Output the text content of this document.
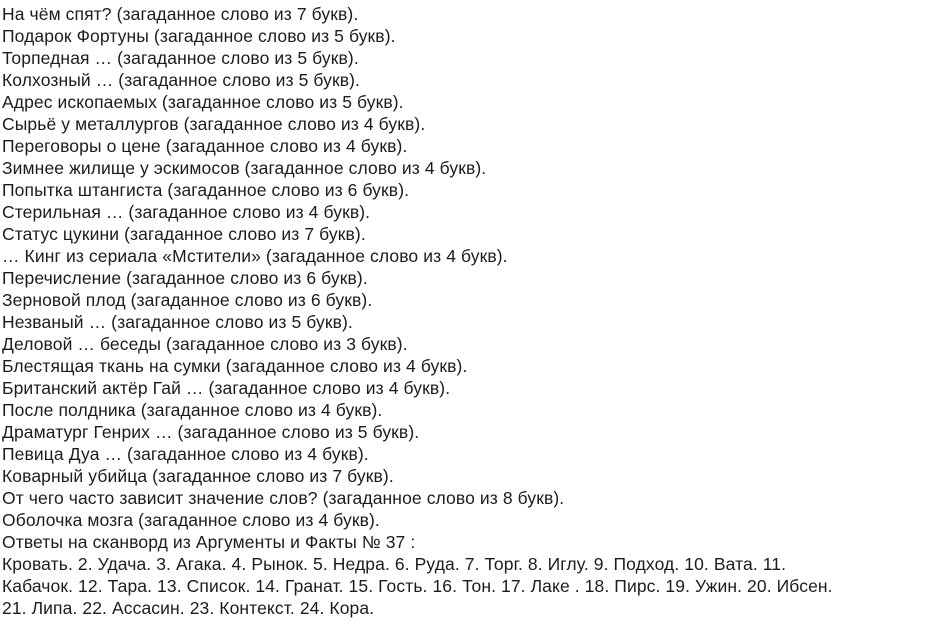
На чём спят? (загаданное слово из 7 букв).
Подарок Фортуны (загаданное слово из 5 букв).
Торпедная … (загаданное слово из 5 букв).
Колхозный … (загаданное слово из 5 букв).
Адрес ископаемых (загаданное слово из 5 букв).
Сырьё у металлургов (загаданное слово из 4 букв).
Переговоры о цене (загаданное слово из 4 букв).
Зимнее жилище у эскимосов (загаданное слово из 4 букв).
Попытка штангиста (загаданное слово из 6 букв).
Стерильная … (загаданное слово из 4 букв).
Статус цукини (загаданное слово из 7 букв).
… Кинг из сериала «Мстители» (загаданное слово из 4 букв).
Перечисление (загаданное слово из 6 букв).
Зерновой плод (загаданное слово из 6 букв).
Незваный … (загаданное слово из 5 букв).
Деловой … беседы (загаданное слово из 3 букв).
Блестящая ткань на сумки (загаданное слово из 4 букв).
Британский актёр Гай … (загаданное слово из 4 букв).
После полдника (загаданное слово из 4 букв).
Драматург Генрих … (загаданное слово из 5 букв).
Певица Дуа … (загаданное слово из 4 букв).
Коварный убийца (загаданное слово из 7 букв).
От чего часто зависит значение слов? (загаданное слово из 8 букв).
Оболочка мозга (загаданное слово из 4 букв).
Ответы на сканворд из Аргументы и Факты № 37 :
Кровать. 2. Удача. 3. Агака. 4. Рынок. 5. Недра. 6. Руда. 7. Торг. 8. Иглу. 9. Подход. 10. Вата. 11.
Кабачок. 12. Тара. 13. Список. 14. Гранат. 15. Гость. 16. Тон. 17. Лаке . 18. Пирс. 19. Ужин. 20. Ибсен.
21. Липа. 22. Ассасин. 23. Контекст. 24. Кора.
